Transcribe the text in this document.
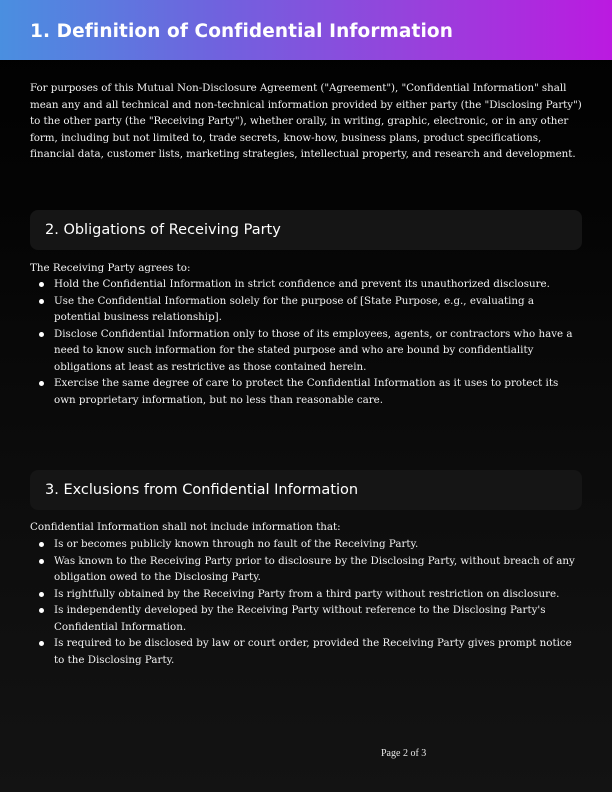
1. Definition of Confidential Information

For purposes of this Mutual Non-Disclosure Agreement ("Agreement"), "Confidential Information" shall mean any and all technical and non-technical information provided by either party (the "Disclosing Party") to the other party (the "Receiving Party"), whether orally, in writing, graphic, electronic, or in any other form, including but not limited to, trade secrets, know-how, business plans, product specifications, financial data, customer lists, marketing strategies, intellectual property, and research and development.

2. Obligations of Receiving Party

The Receiving Party agrees to:

Hold the Confidential Information in strict confidence and prevent its unauthorized disclosure.
Use the Confidential Information solely for the purpose of [State Purpose, e.g., evaluating a potential business relationship].
Disclose Confidential Information only to those of its employees, agents, or contractors who have a need to know such information for the stated purpose and who are bound by confidentiality obligations at least as restrictive as those contained herein.
Exercise the same degree of care to protect the Confidential Information as it uses to protect its own proprietary information, but no less than reasonable care.
3. Exclusions from Confidential Information

Confidential Information shall not include information that:

Is or becomes publicly known through no fault of the Receiving Party.
Was known to the Receiving Party prior to disclosure by the Disclosing Party, without breach of any obligation owed to the Disclosing Party.
Is rightfully obtained by the Receiving Party from a third party without restriction on disclosure.
Is independently developed by the Receiving Party without reference to the Disclosing Party's Confidential Information.
Is required to be disclosed by law or court order, provided the Receiving Party gives prompt notice to the Disclosing Party.
Page 2 of 3
